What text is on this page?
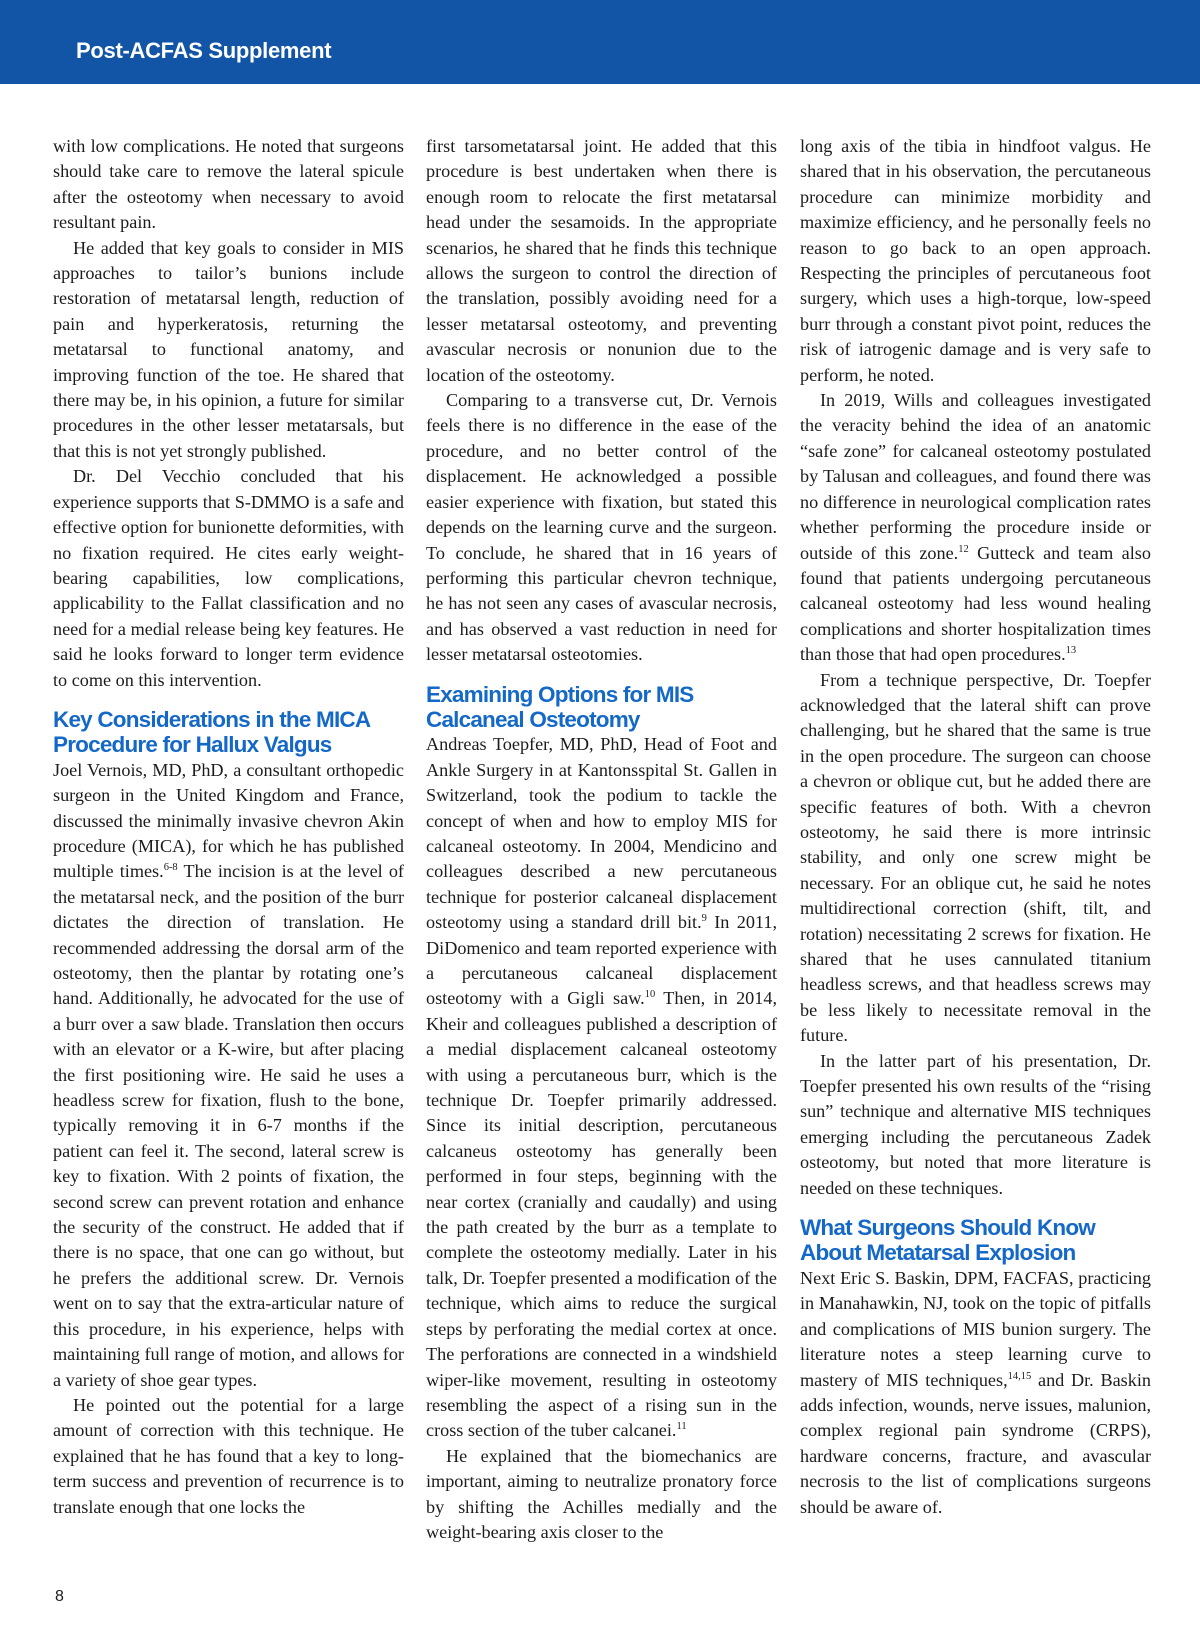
Post-ACFAS Supplement

with low complications. He noted that surgeons should take care to remove the lateral spicule after the osteotomy when necessary to avoid resultant pain.

He added that key goals to consider in MIS approaches to tailor’s bunions include restoration of metatarsal length, reduction of pain and hyperkeratosis, returning the metatarsal to functional anatomy, and improving function of the toe. He shared that there may be, in his opinion, a future for similar procedures in the other lesser metatarsals, but that this is not yet strongly published.

Dr. Del Vecchio concluded that his experience supports that S-DMMO is a safe and effective option for bunionette deformities, with no fixation required. He cites early weight-bearing capabilities, low complications, applicability to the Fallat classification and no need for a medial release being key features. He said he looks forward to longer term evidence to come on this intervention.

Key Considerations in the MICA Procedure for Hallux Valgus

Joel Vernois, MD, PhD, a consultant orthopedic surgeon in the United Kingdom and France, discussed the minimally invasive chevron Akin procedure (MICA), for which he has published multiple times.$^{6-8}$ The incision is at the level of the metatarsal neck, and the position of the burr dictates the direction of translation. He recommended addressing the dorsal arm of the osteotomy, then the plantar by rotating one’s hand. Additionally, he advocated for the use of a burr over a saw blade. Translation then occurs with an elevator or a K-wire, but after placing the first positioning wire. He said he uses a headless screw for fixation, flush to the bone, typically removing it in 6-7 months if the patient can feel it. The second, lateral screw is key to fixation. With 2 points of fixation, the second screw can prevent rotation and enhance the security of the construct. He added that if there is no space, that one can go without, but he prefers the additional screw. Dr. Vernois went on to say that the extra-articular nature of this procedure, in his experience, helps with maintaining full range of motion, and allows for a variety of shoe gear types.

He pointed out the potential for a large amount of correction with this technique. He explained that he has found that a key to long-term success and prevention of recurrence is to translate enough that one locks the

first tarsometatarsal joint. He added that this procedure is best undertaken when there is enough room to relocate the first metatarsal head under the sesamoids. In the appropriate scenarios, he shared that he finds this technique allows the surgeon to control the direction of the translation, possibly avoiding need for a lesser metatarsal osteotomy, and preventing avascular necrosis or nonunion due to the location of the osteotomy.

Comparing to a transverse cut, Dr. Vernois feels there is no difference in the ease of the procedure, and no better control of the displacement. He acknowledged a possible easier experience with fixation, but stated this depends on the learning curve and the surgeon. To conclude, he shared that in 16 years of performing this particular chevron technique, he has not seen any cases of avascular necrosis, and has observed a vast reduction in need for lesser metatarsal osteotomies.

Examining Options for MIS Calcaneal Osteotomy

Andreas Toepfer, MD, PhD, Head of Foot and Ankle Surgery in at Kantonsspital St. Gallen in Switzerland, took the podium to tackle the concept of when and how to employ MIS for calcaneal osteotomy. In 2004, Mendicino and colleagues described a new percutaneous technique for posterior calcaneal displacement osteotomy using a standard drill bit.$^9$ In 2011, DiDomenico and team reported experience with a percutaneous calcaneal displacement osteotomy with a Gigli saw.$^{10}$ Then, in 2014, Kheir and colleagues published a description of a medial displacement calcaneal osteotomy with using a percutaneous burr, which is the technique Dr. Toepfer primarily addressed. Since its initial description, percutaneous calcaneus osteotomy has generally been performed in four steps, beginning with the near cortex (cranially and caudally) and using the path created by the burr as a template to complete the osteotomy medially. Later in his talk, Dr. Toepfer presented a modification of the technique, which aims to reduce the surgical steps by perforating the medial cortex at once. The perforations are connected in a windshield wiper-like movement, resulting in osteotomy resembling the aspect of a rising sun in the cross section of the tuber calcanei.$^{11}$

He explained that the biomechanics are important, aiming to neutralize pronatory force by shifting the Achilles medially and the weight-bearing axis closer to the

long axis of the tibia in hindfoot valgus. He shared that in his observation, the percutaneous procedure can minimize morbidity and maximize efficiency, and he personally feels no reason to go back to an open approach. Respecting the principles of percutaneous foot surgery, which uses a high-torque, low-speed burr through a constant pivot point, reduces the risk of iatrogenic damage and is very safe to perform, he noted.

In 2019, Wills and colleagues investigated the veracity behind the idea of an anatomic “safe zone” for calcaneal osteotomy postulated by Talusan and colleagues, and found there was no difference in neurological complication rates whether performing the procedure inside or outside of this zone.$^{12}$ Gutteck and team also found that patients undergoing percutaneous calcaneal osteotomy had less wound healing complications and shorter hospitalization times than those that had open procedures.$^{13}$

From a technique perspective, Dr. Toepfer acknowledged that the lateral shift can prove challenging, but he shared that the same is true in the open procedure. The surgeon can choose a chevron or oblique cut, but he added there are specific features of both. With a chevron osteotomy, he said there is more intrinsic stability, and only one screw might be necessary. For an oblique cut, he said he notes multidirectional correction (shift, tilt, and rotation) necessitating 2 screws for fixation. He shared that he uses cannulated titanium headless screws, and that headless screws may be less likely to necessitate removal in the future.

In the latter part of his presentation, Dr. Toepfer presented his own results of the “rising sun” technique and alternative MIS techniques emerging including the percutaneous Zadek osteotomy, but noted that more literature is needed on these techniques.

What Surgeons Should Know About Metatarsal Explosion

Next Eric S. Baskin, DPM, FACFAS, practicing in Manahawkin, NJ, took on the topic of pitfalls and complications of MIS bunion surgery. The literature notes a steep learning curve to mastery of MIS techniques,$^{14,15}$ and Dr. Baskin adds infection, wounds, nerve issues, malunion, complex regional pain syndrome (CRPS), hardware concerns, fracture, and avascular necrosis to the list of complications surgeons should be aware of.

8
